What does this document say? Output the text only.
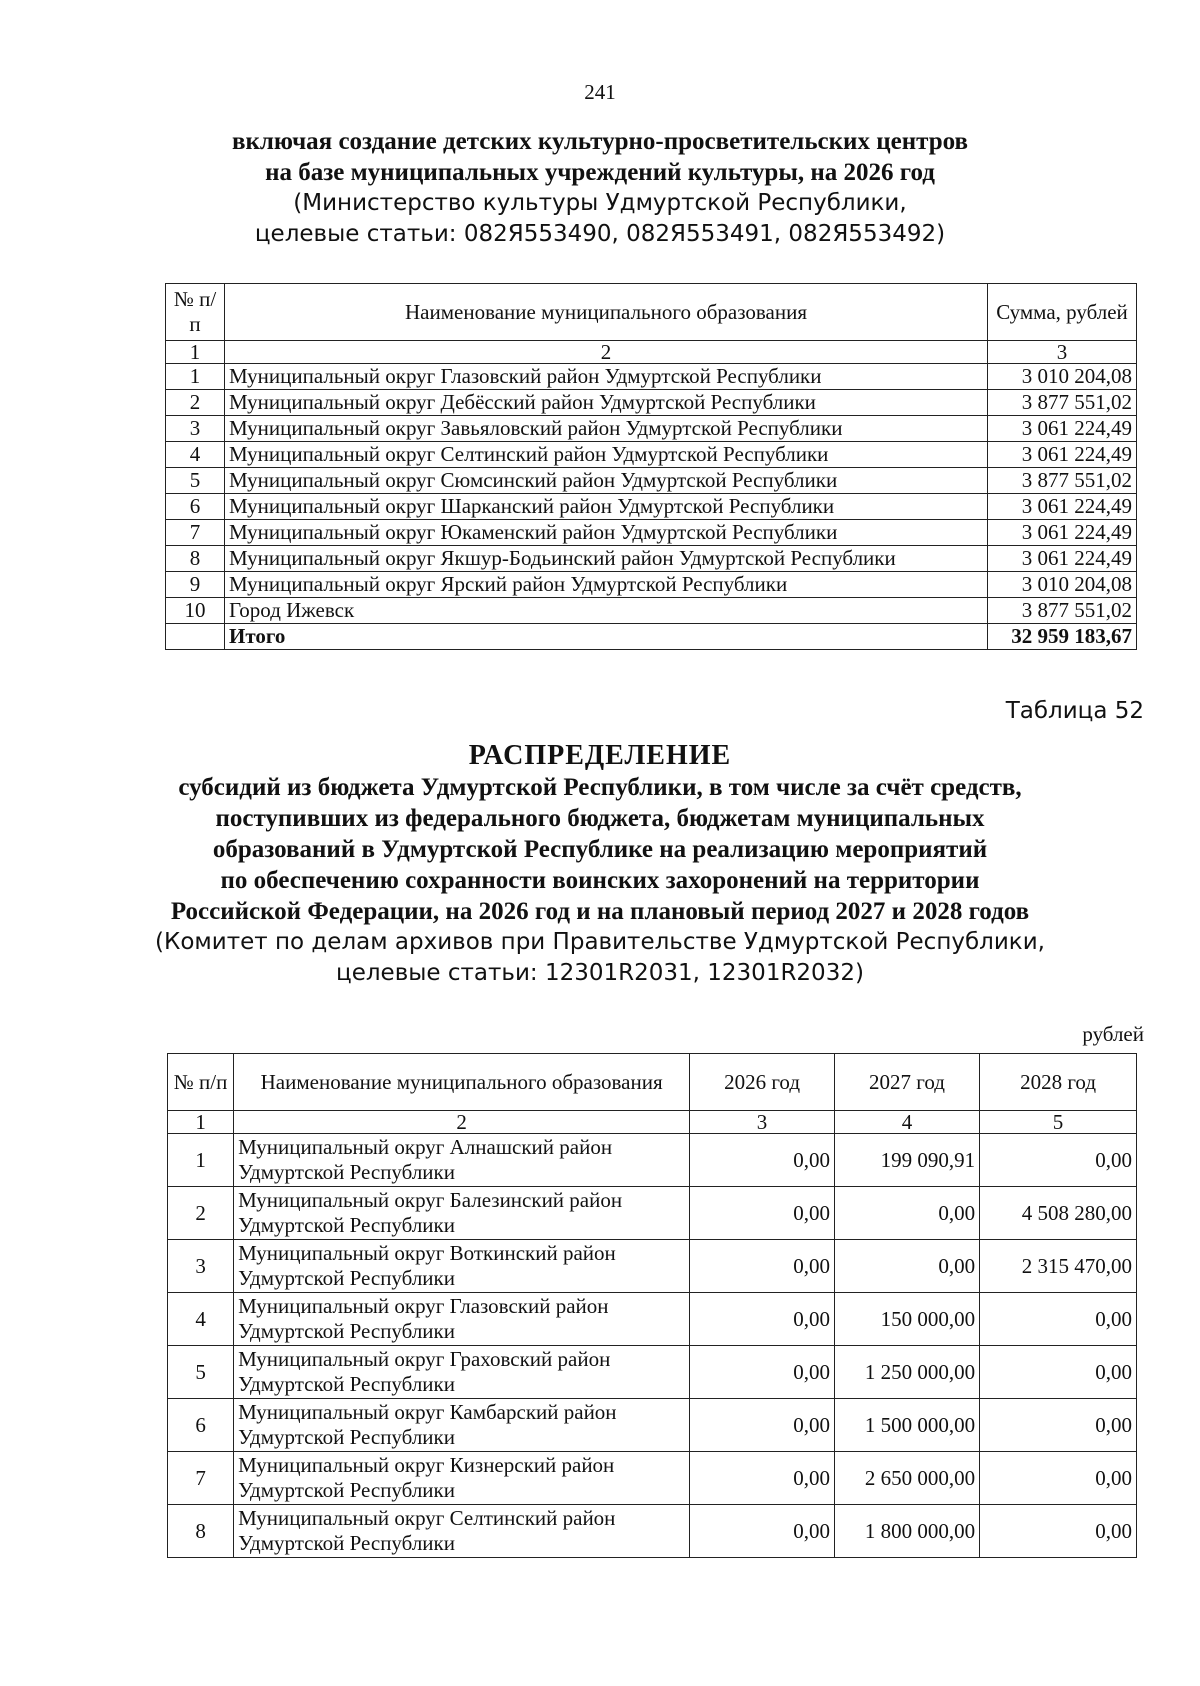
241
включая создание детских культурно-просветительских центров
на базе муниципальных учреждений культуры, на 2026 год
(Министерство культуры Удмуртской Республики,
целевые статьи: 082Я553490, 082Я553491, 082Я553492)
№ п/п	Наименование муниципального образования	Сумма, рублей
1	2	3
1	Муниципальный округ Глазовский район Удмуртской Республики	3 010 204,08
2	Муниципальный округ Дебёсский район Удмуртской Республики	3 877 551,02
3	Муниципальный округ Завьяловский район Удмуртской Республики	3 061 224,49
4	Муниципальный округ Селтинский район Удмуртской Республики	3 061 224,49
5	Муниципальный округ Сюмсинский район Удмуртской Республики	3 877 551,02
6	Муниципальный округ Шарканский район Удмуртской Республики	3 061 224,49
7	Муниципальный округ Юкаменский район Удмуртской Республики	3 061 224,49
8	Муниципальный округ Якшур-Бодьинский район Удмуртской Республики	3 061 224,49
9	Муниципальный округ Ярский район Удмуртской Республики	3 010 204,08
10	Город Ижевск	3 877 551,02
	Итого	32 959 183,67
Таблица 52
РАСПРЕДЕЛЕНИЕ
субсидий из бюджета Удмуртской Республики, в том числе за счёт средств,
поступивших из федерального бюджета, бюджетам муниципальных
образований в Удмуртской Республике на реализацию мероприятий
по обеспечению сохранности воинских захоронений на территории
Российской Федерации, на 2026 год и на плановый период 2027 и 2028 годов
(Комитет по делам архивов при Правительстве Удмуртской Республики,
целевые статьи: 12301R2031, 12301R2032)
рублей
№ п/п	Наименование муниципального образования	2026 год	2027 год	2028 год
1	2	3	4	5
1	Муниципальный округ Алнашский район Удмуртской Республики	0,00	199 090,91	0,00
2	Муниципальный округ Балезинский район Удмуртской Республики	0,00	0,00	4 508 280,00
3	Муниципальный округ Воткинский район Удмуртской Республики	0,00	0,00	2 315 470,00
4	Муниципальный округ Глазовский район Удмуртской Республики	0,00	150 000,00	0,00
5	Муниципальный округ Граховский район Удмуртской Республики	0,00	1 250 000,00	0,00
6	Муниципальный округ Камбарский район Удмуртской Республики	0,00	1 500 000,00	0,00
7	Муниципальный округ Кизнерский район Удмуртской Республики	0,00	2 650 000,00	0,00
8	Муниципальный округ Селтинский район Удмуртской Республики	0,00	1 800 000,00	0,00
